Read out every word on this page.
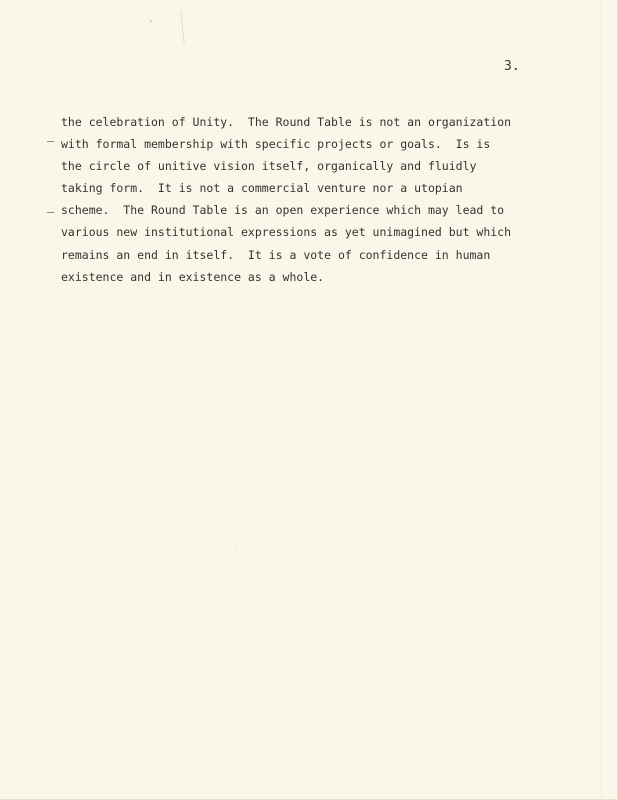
3.
the celebration of Unity.  The Round Table is not an organization
with formal membership with specific projects or goals.  Is is
the circle of unitive vision itself, organically and fluidly
taking form.  It is not a commercial venture nor a utopian
scheme.  The Round Table is an open experience which may lead to
various new institutional expressions as yet unimagined but which
remains an end in itself.  It is a vote of confidence in human
existence and in existence as a whole.
